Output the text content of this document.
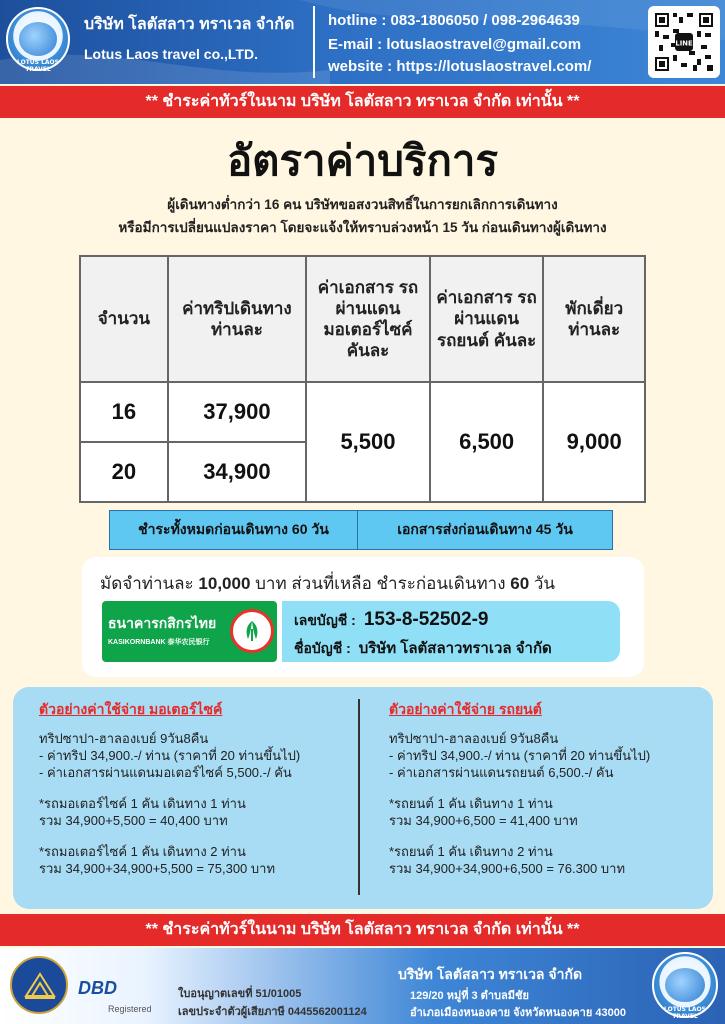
LOTUS LAOS TRAVEL
บริษัท โลตัสลาว ทราเวล จำกัด
Lotus Laos travel co.,LTD.
hotline : 083-1806050 / 098-2964639
E-mail : lotuslaostravel@gmail.com
website : https://lotuslaostravel.com/
LINE
** ชำระค่าทัวร์ในนาม บริษัท โลตัสลาว ทราเวล จำกัด เท่านั้น **
อัตราค่าบริการ
ผู้เดินทางต่ำกว่า 16 คน บริษัทขอสงวนสิทธิ์ในการยกเลิกการเดินทาง
หรือมีการเปลี่ยนแปลงราคา โดยจะแจ้งให้ทราบล่วงหน้า 15 วัน ก่อนเดินทางผู้เดินทาง
จำนวน	ค่าทริปเดินทาง ท่านละ	ค่าเอกสาร รถผ่านแดน มอเตอร์ไซค์ คันละ	ค่าเอกสาร รถผ่านแดน รถยนต์ คันละ	พักเดี่ยว ท่านละ

16	37,900	5,500	6,500	9,000
20	34,900			
ชำระทั้งหมดก่อนเดินทาง 60 วัน	เอกสารส่งก่อนเดินทาง 45 วัน
มัดจำท่านละ 10,000 บาท ส่วนที่เหลือ ชำระก่อนเดินทาง 60 วัน
ธนาคารกสิกรไทย
KASIKORNBANK 泰华农民银行
เลขบัญชี : 153-8-52502-9
ชื่อบัญชี : บริษัท โลตัสลาวทราเวล จำกัด
ตัวอย่างค่าใช้จ่าย มอเตอร์ไซค์
ทริปซาปา-ฮาลองเบย์ 9วัน8คืน
- ค่าทริป 34,900.-/ ท่าน (ราคาที่ 20 ท่านขึ้นไป)
- ค่าเอกสารผ่านแดนมอเตอร์ไซค์ 5,500.-/ คัน
*รถมอเตอร์ไซค์ 1 คัน เดินทาง 1 ท่าน
รวม 34,900+5,500 = 40,400 บาท
*รถมอเตอร์ไซค์ 1 คัน เดินทาง 2 ท่าน
รวม 34,900+34,900+5,500 = 75,300 บาท
ตัวอย่างค่าใช้จ่าย รถยนต์
ทริปซาปา-ฮาลองเบย์ 9วัน8คืน
- ค่าทริป 34,900.-/ ท่าน (ราคาที่ 20 ท่านขึ้นไป)
- ค่าเอกสารผ่านแดนรถยนต์ 6,500.-/ คัน
*รถยนต์ 1 คัน เดินทาง 1 ท่าน
รวม 34,900+6,500 = 41,400 บาท
*รถยนต์ 1 คัน เดินทาง 2 ท่าน
รวม 34,900+34,900+6,500 = 76.300 บาท
** ชำระค่าทัวร์ในนาม บริษัท โลตัสลาว ทราเวล จำกัด เท่านั้น **
DBD
Registered
ใบอนุญาตเลขที่ 51/01005
เลขประจำตัวผู้เสียภาษี 0445562001124
บริษัท โลตัสลาว ทราเวล จำกัด
129/20 หมู่ที่ 3 ตำบลมีชัย
อำเภอเมืองหนองคาย จังหวัดหนองคาย 43000	LOTUS LAOS TRAVEL
